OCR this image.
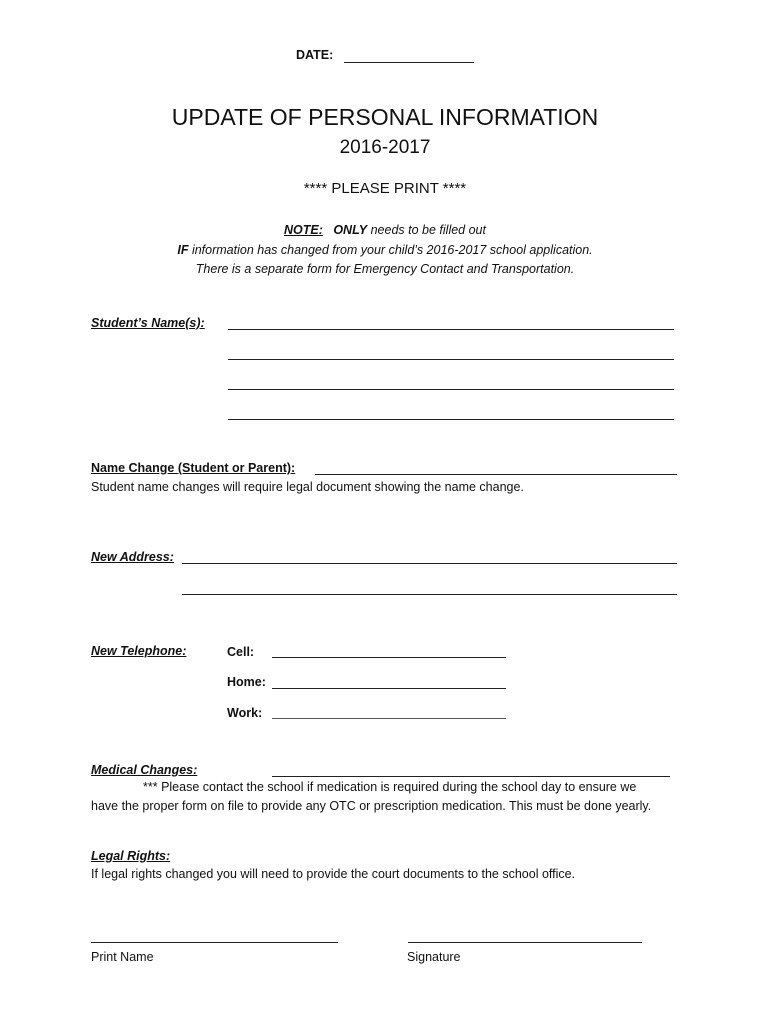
DATE:
UPDATE OF PERSONAL INFORMATION
2016-2017
**** PLEASE PRINT ****
NOTE: ONLY needs to be filled out
IF information has changed from your child’s 2016-2017 school application.
There is a separate form for Emergency Contact and Transportation.
Student’s Name(s):
Name Change (Student or Parent):
Student name changes will require legal document showing the name change.
New Address:
New Telephone:	Cell:
Home:
Work:
Medical Changes:
*** Please contact the school if medication is required during the school day to ensure we
have the proper form on file to provide any OTC or prescription medication. This must be done yearly.
Legal Rights:
If legal rights changed you will need to provide the court documents to the school office.
Print Name	Signature
